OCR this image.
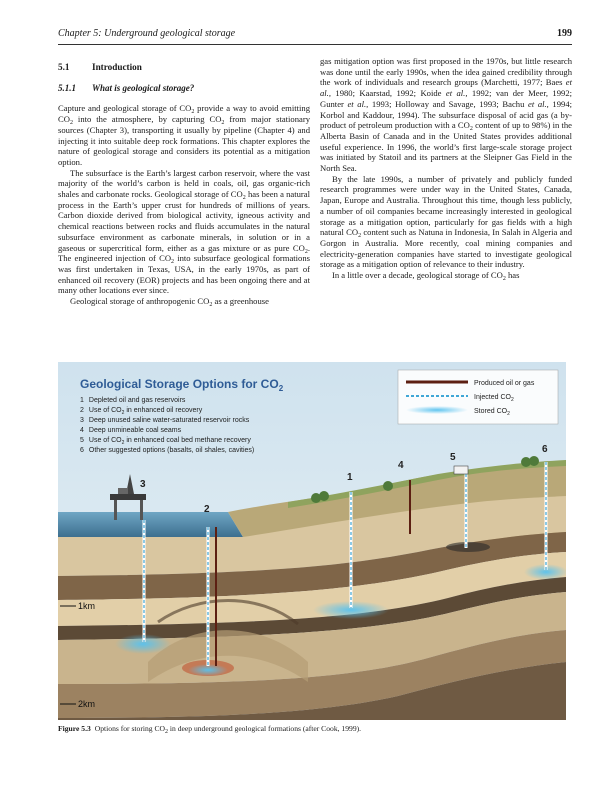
Chapter 5: Underground geological storage	199
5.1 Introduction
5.1.1 What is geological storage?

Capture and geological storage of $CO_2$ provide a way to avoid emitting $CO_2$ into the atmosphere, by capturing $CO_2$ from major stationary sources (Chapter 3), transporting it usually by pipeline (Chapter 4) and injecting it into suitable deep rock formations. This chapter explores the nature of geological storage and considers its potential as a mitigation option.

The subsurface is the Earth’s largest carbon reservoir, where the vast majority of the world’s carbon is held in coals, oil, gas organic-rich shales and carbonate rocks. Geological storage of $CO_2$ has been a natural process in the Earth’s upper crust for hundreds of millions of years. Carbon dioxide derived from biological activity, igneous activity and chemical reactions between rocks and fluids accumulates in the natural subsurface environment as carbonate minerals, in solution or in a gaseous or supercritical form, either as a gas mixture or as pure $CO_2$. The engineered injection of $CO_2$ into subsurface geological formations was first undertaken in Texas, USA, in the early 1970s, as part of enhanced oil recovery (EOR) projects and has been ongoing there and at many other locations ever since.

Geological storage of anthropogenic $CO_2$ as a greenhouse

gas mitigation option was first proposed in the 1970s, but little research was done until the early 1990s, when the idea gained credibility through the work of individuals and research groups (Marchetti, 1977; Baes et al., 1980; Kaarstad, 1992; Koide et al., 1992; van der Meer, 1992; Gunter et al., 1993; Holloway and Savage, 1993; Bachu et al., 1994; Korbol and Kaddour, 1994). The subsurface disposal of acid gas (a by-product of petroleum production with a $CO_2$ content of up to 98%) in the Alberta Basin of Canada and in the United States provides additional useful experience. In 1996, the world’s first large-scale storage project was initiated by Statoil and its partners at the Sleipner Gas Field in the North Sea.

By the late 1990s, a number of privately and publicly funded research programmes were under way in the United States, Canada, Japan, Europe and Australia. Throughout this time, though less publicly, a number of oil companies became increasingly interested in geological storage as a mitigation option, particularly for gas fields with a high natural $CO_2$ content such as Natuna in Indonesia, In Salah in Algeria and Gorgon in Australia. More recently, coal mining companies and electricity-generation companies have started to investigate geological storage as a mitigation option of relevance to their industry.

In a little over a decade, geological storage of $CO_2$ has

3
2
1
4
5
6
1km
2km
Geological Storage Options for $CO_2$
1 Depleted oil and gas reservoirs
2 Use of $CO_2$ in enhanced oil recovery
3 Deep unused saline water-saturated reservoir rocks
4 Deep unmineable coal seams
5 Use of $CO_2$ in enhanced coal bed methane recovery
6 Other suggested options (basalts, oil shales, cavities)
Produced oil or gas
Injected $CO_2$
Stored $CO_2$
Figure 5.3 Options for storing $CO_2$ in deep underground geological formations (after Cook, 1999).
